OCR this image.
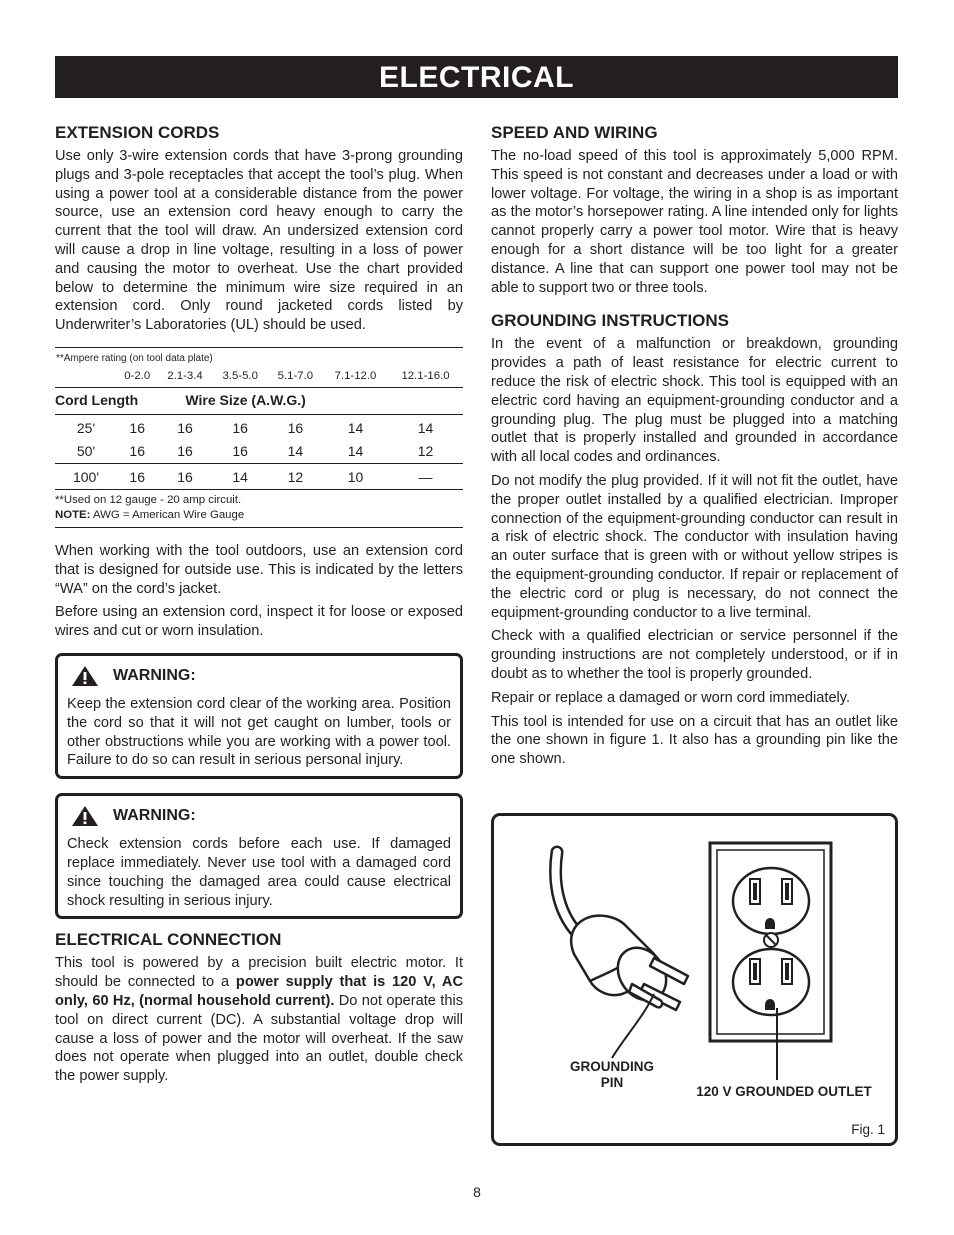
ELECTRICAL
EXTENSION CORDS

Use only 3-wire extension cords that have 3-prong grounding plugs and 3-pole receptacles that accept the tool’s plug. When using a power tool at a considerable distance from the power source, use an extension cord heavy enough to carry the current that the tool will draw. An undersized extension cord will cause a drop in line voltage, resulting in a loss of power and causing the motor to overheat. Use the chart provided below to determine the minimum wire size required in an extension cord. Only round jacketed cords listed by Underwriter’s Laboratories (UL) should be used.

**Ampere rating (on tool data plate)						
	0-2.0	2.1-3.4	3.5-5.0	5.1-7.0	7.1-12.0	12.1-16.0
Cord Length		Wire Size (A.W.G.)				
25'	16	16	16	16	14	14
50'	16	16	16	14	14	12
100'	16	16	14	12	10	—

**Used on 12 gauge - 20 amp circuit.
NOTE: AWG = American Wire Gauge						

When working with the tool outdoors, use an extension cord that is designed for outside use. This is indicated by the letters “WA” on the cord’s jacket.

Before using an extension cord, inspect it for loose or exposed wires and cut or worn insulation.

WARNING:

Keep the extension cord clear of the working area. Position the cord so that it will not get caught on lumber, tools or other obstructions while you are working with a power tool. Failure to do so can result in serious personal injury.

WARNING:

Check extension cords before each use. If damaged replace immediately. Never use tool with a damaged cord since touching the damaged area could cause electrical shock resulting in serious injury.

ELECTRICAL CONNECTION

This tool is powered by a precision built electric motor. It should be connected to a power supply that is 120 V, AC only, 60 Hz, (normal household current). Do not operate this tool on direct current (DC). A substantial voltage drop will cause a loss of power and the motor will overheat. If the saw does not operate when plugged into an outlet, double check the power supply.

SPEED AND WIRING

The no-load speed of this tool is approximately 5,000 RPM. This speed is not constant and decreases under a load or with lower voltage. For voltage, the wiring in a shop is as important as the motor’s horsepower rating. A line intended only for lights cannot properly carry a power tool motor. Wire that is heavy enough for a short distance will be too light for a greater distance. A line that can support one power tool may not be able to support two or three tools.

GROUNDING INSTRUCTIONS

In the event of a malfunction or breakdown, grounding provides a path of least resistance for electric current to reduce the risk of electric shock. This tool is equipped with an electric cord having an equipment-grounding conductor and a grounding plug. The plug must be plugged into a matching outlet that is properly installed and grounded in accordance with all local codes and ordinances.

Do not modify the plug provided. If it will not fit the outlet, have the proper outlet installed by a qualified electrician. Improper connection of the equipment-grounding conductor can result in a risk of electric shock. The conductor with insulation having an outer surface that is green with or without yellow stripes is the equipment-grounding conductor. If repair or replacement of the electric cord or plug is necessary, do not connect the equipment-grounding conductor to a live terminal.

Check with a qualified electrician or service personnel if the grounding instructions are not completely understood, or if in doubt as to whether the tool is properly grounded.

Repair or replace a damaged or worn cord immediately.

This tool is intended for use on a circuit that has an outlet like the one shown in figure 1. It also has a grounding pin like the one shown.

GROUNDING
PIN
120 V GROUNDED OUTLET
Fig. 1
8
